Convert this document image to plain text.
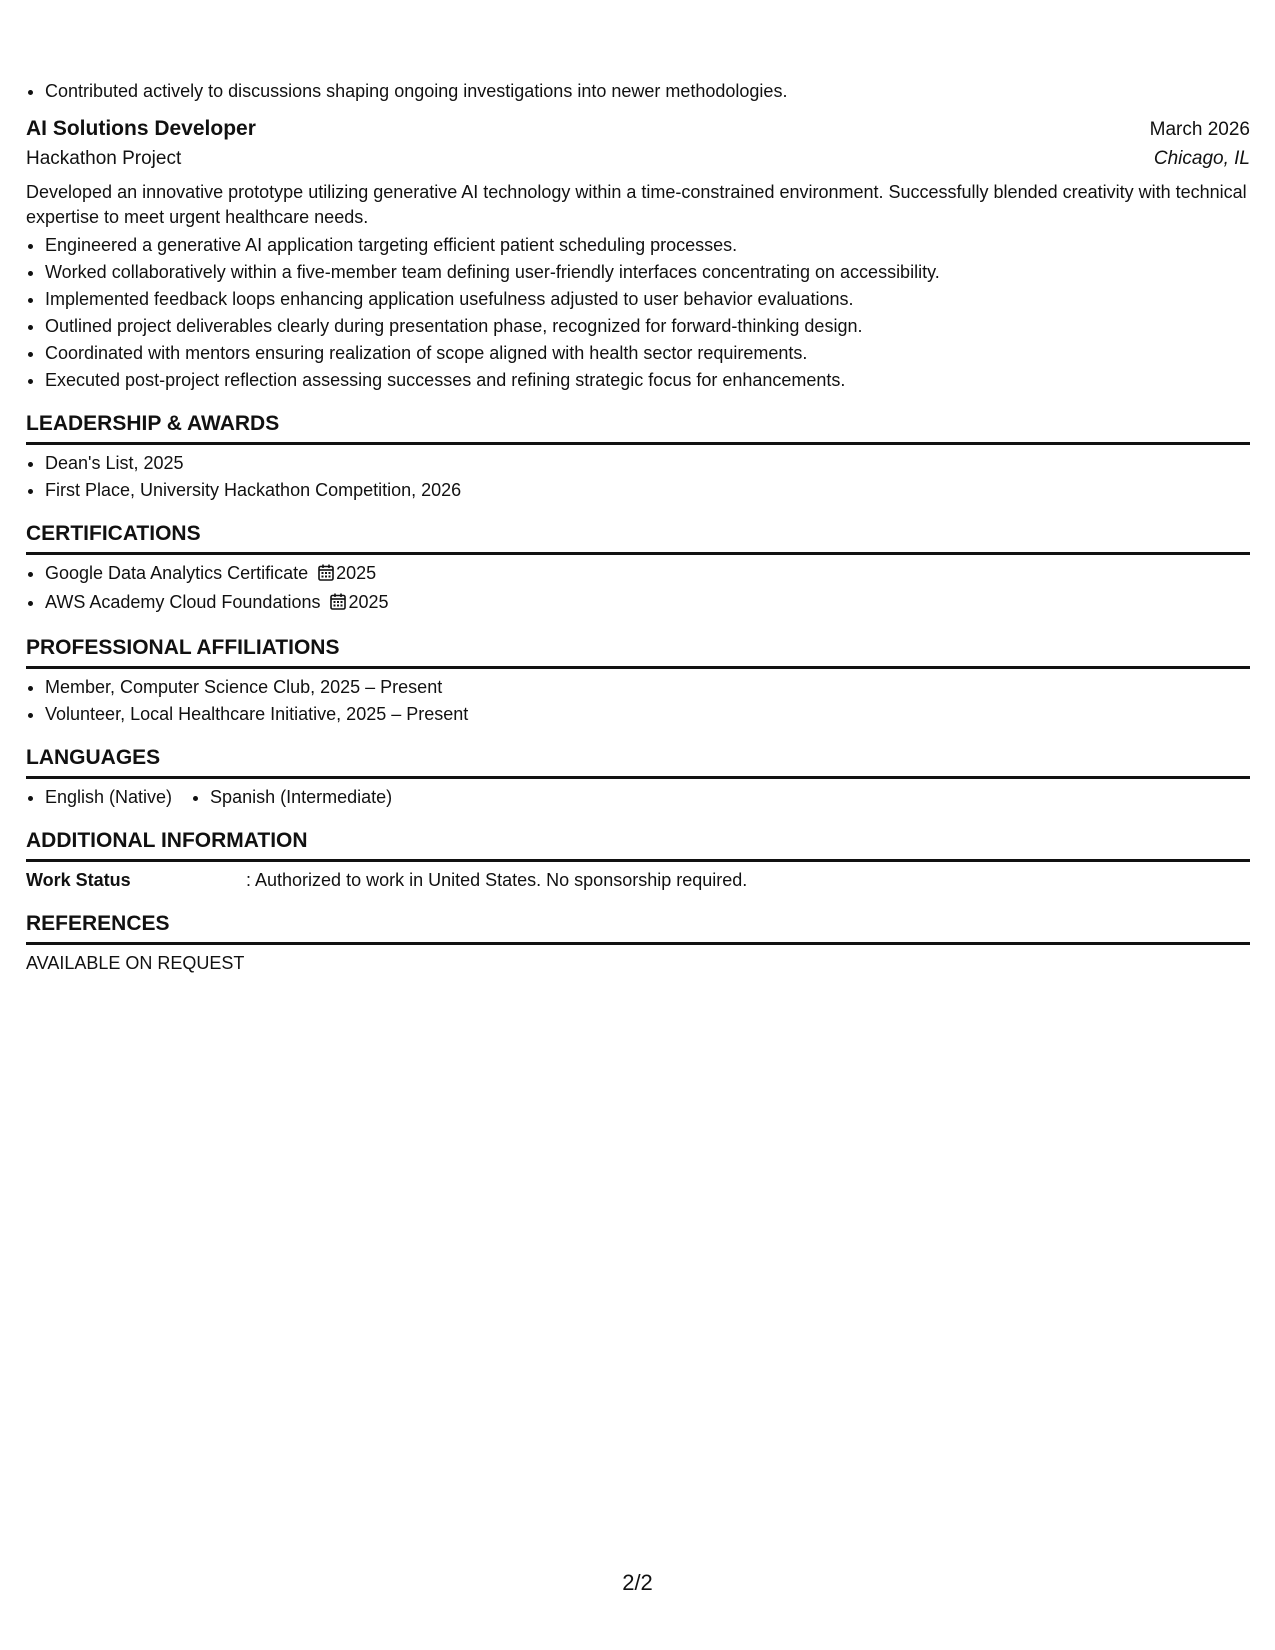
• Contributed actively to discussions shaping ongoing investigations into newer methodologies.
AI Solutions Developer	March 2026
Hackathon Project	Chicago, IL
Developed an innovative prototype utilizing generative AI technology within a time-constrained environment. Successfully blended creativity with technical expertise to meet urgent healthcare needs.
• Engineered a generative AI application targeting efficient patient scheduling processes.
• Worked collaboratively within a five-member team defining user-friendly interfaces concentrating on accessibility.
• Implemented feedback loops enhancing application usefulness adjusted to user behavior evaluations.
• Outlined project deliverables clearly during presentation phase, recognized for forward-thinking design.
• Coordinated with mentors ensuring realization of scope aligned with health sector requirements.
• Executed post-project reflection assessing successes and refining strategic focus for enhancements.
LEADERSHIP & AWARDS
• Dean's List, 2025
• First Place, University Hackathon Competition, 2026
CERTIFICATIONS
• Google Data Analytics Certificate 2025
• AWS Academy Cloud Foundations 2025
PROFESSIONAL AFFILIATIONS
• Member, Computer Science Club, 2025 – Present
• Volunteer, Local Healthcare Initiative, 2025 – Present
LANGUAGES
• English (Native)
• Spanish (Intermediate)
ADDITIONAL INFORMATION
Work Status	: Authorized to work in United States. No sponsorship required.
REFERENCES
AVAILABLE ON REQUEST
2/2
